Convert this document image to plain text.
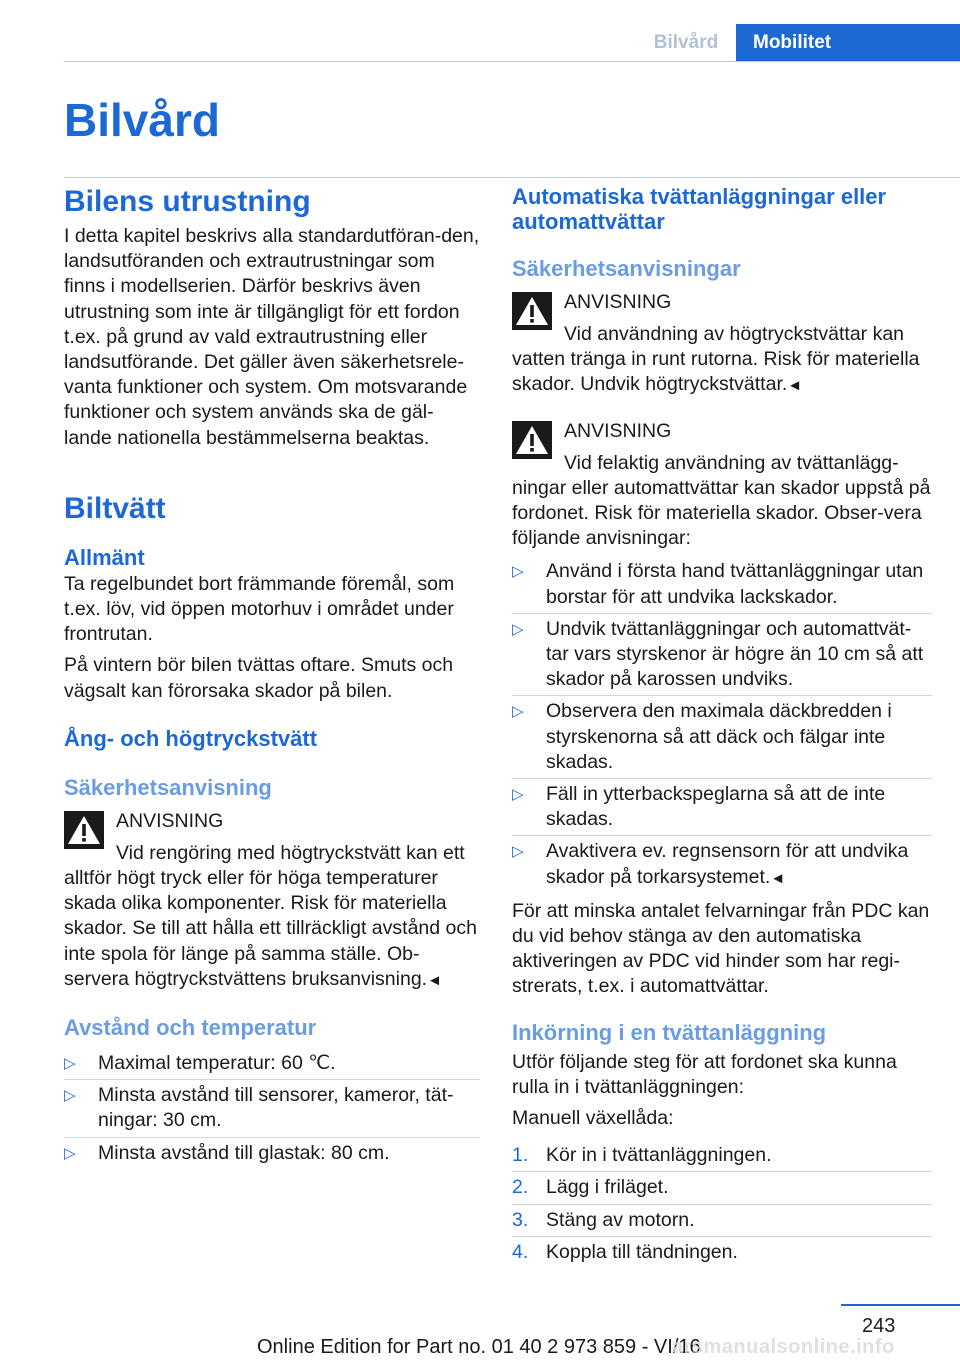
Bilvård	Mobilitet
Bilvård
Bilens utrustning

I detta kapitel beskrivs alla standardutföran-den, landsutföranden och extrautrustningar som finns i modellserien. Därför beskrivs även utrustning som inte är tillgängligt för ett fordon t.ex. på grund av vald extrautrustning eller landsutförande. Det gäller även säkerhetsrele-vanta funktioner och system. Om motsvarande funktioner och system används ska de gäl-lande nationella bestämmelserna beaktas.

Biltvätt
Allmänt

Ta regelbundet bort främmande föremål, som t.ex. löv, vid öppen motorhuv i området under frontrutan.

På vintern bör bilen tvättas oftare. Smuts och vägsalt kan förorsaka skador på bilen.

Ång- och högtryckstvätt
Säkerhetsanvisning
ANVISNING
Vid rengöring med högtryckstvätt kan ett
alltför högt tryck eller för höga temperaturer skada olika komponenter. Risk för materiella skador. Se till att hålla ett tillräckligt avstånd och inte spola för länge på samma ställe. Ob-servera högtryckstvättens bruksanvisning.◄
Avstånd och temperatur
▷ Maximal temperatur: 60 ℃.
▷ Minsta avstånd till sensorer, kameror, tät-ningar: 30 cm.
▷ Minsta avstånd till glastak: 80 cm.
Automatiska tvättanläggningar eller automattvättar
Säkerhetsanvisningar
ANVISNING
Vid användning av högtryckstvättar kan
vatten tränga in runt rutorna. Risk för materiella skador. Undvik högtryckstvättar.◄
ANVISNING
Vid felaktig användning av tvättanlägg-
ningar eller automattvättar kan skador uppstå på fordonet. Risk för materiella skador. Obser-vera följande anvisningar:
▷ Använd i första hand tvättanläggningar utan borstar för att undvika lackskador.
▷ Undvik tvättanläggningar och automattvät-tar vars styrskenor är högre än 10 cm så att skador på karossen undviks.
▷ Observera den maximala däckbredden i styrskenorna så att däck och fälgar inte skadas.
▷ Fäll in ytterbackspeglarna så att de inte skadas.
▷ Avaktivera ev. regnsensorn för att undvika skador på torkarsystemet.◄

För att minska antalet felvarningar från PDC kan du vid behov stänga av den automatiska aktiveringen av PDC vid hinder som har regi-strerats, t.ex. i automattvättar.

Inkörning i en tvättanläggning

Utför följande steg för att fordonet ska kunna rulla in i tvättanläggningen:

Manuell växellåda:

1. Kör in i tvättanläggningen.
2. Lägg i friläget.
3. Stäng av motorn.
4. Koppla till tändningen.
243
Online Edition for Part no. 01 40 2 973 859 - VI/16
arsmanualsonline.info
